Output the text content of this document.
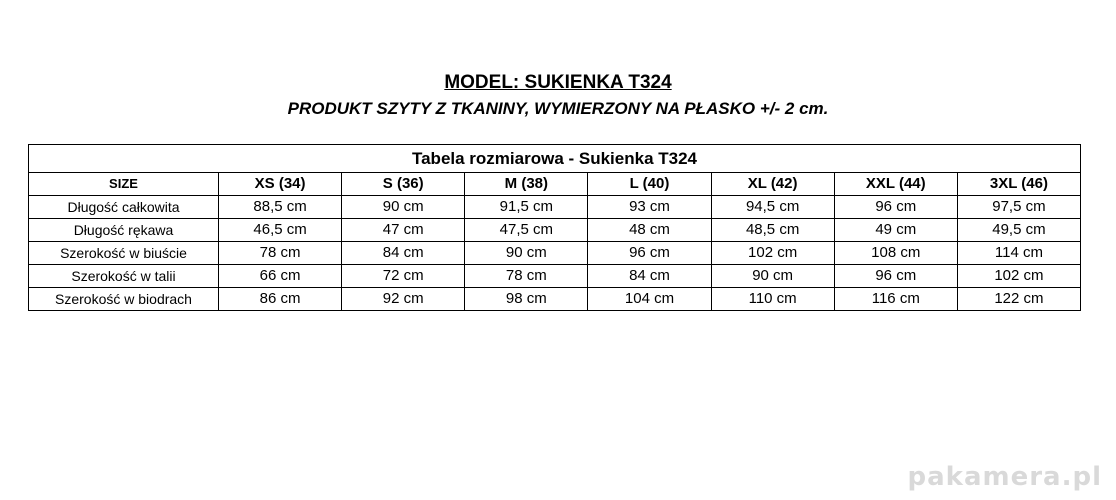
MODEL: SUKIENKA T324
PRODUKT SZYTY Z TKANINY, WYMIERZONY NA PŁASKO +/- 2 cm.
Tabela rozmiarowa - Sukienka T324							
SIZE	XS (34)	S (36)	M (38)	L (40)	XL (42)	XXL (44)	3XL (46)
Długość całkowita	88,5 cm	90 cm	91,5 cm	93 cm	94,5 cm	96 cm	97,5 cm
Długość rękawa	46,5 cm	47 cm	47,5 cm	48 cm	48,5 cm	49 cm	49,5 cm
Szerokość w biuście	78 cm	84 cm	90 cm	96 cm	102 cm	108 cm	114 cm
Szerokość w talii	66 cm	72 cm	78 cm	84 cm	90 cm	96 cm	102 cm
Szerokość w biodrach	86 cm	92 cm	98 cm	104 cm	110 cm	116 cm	122 cm
pakamera.pl
